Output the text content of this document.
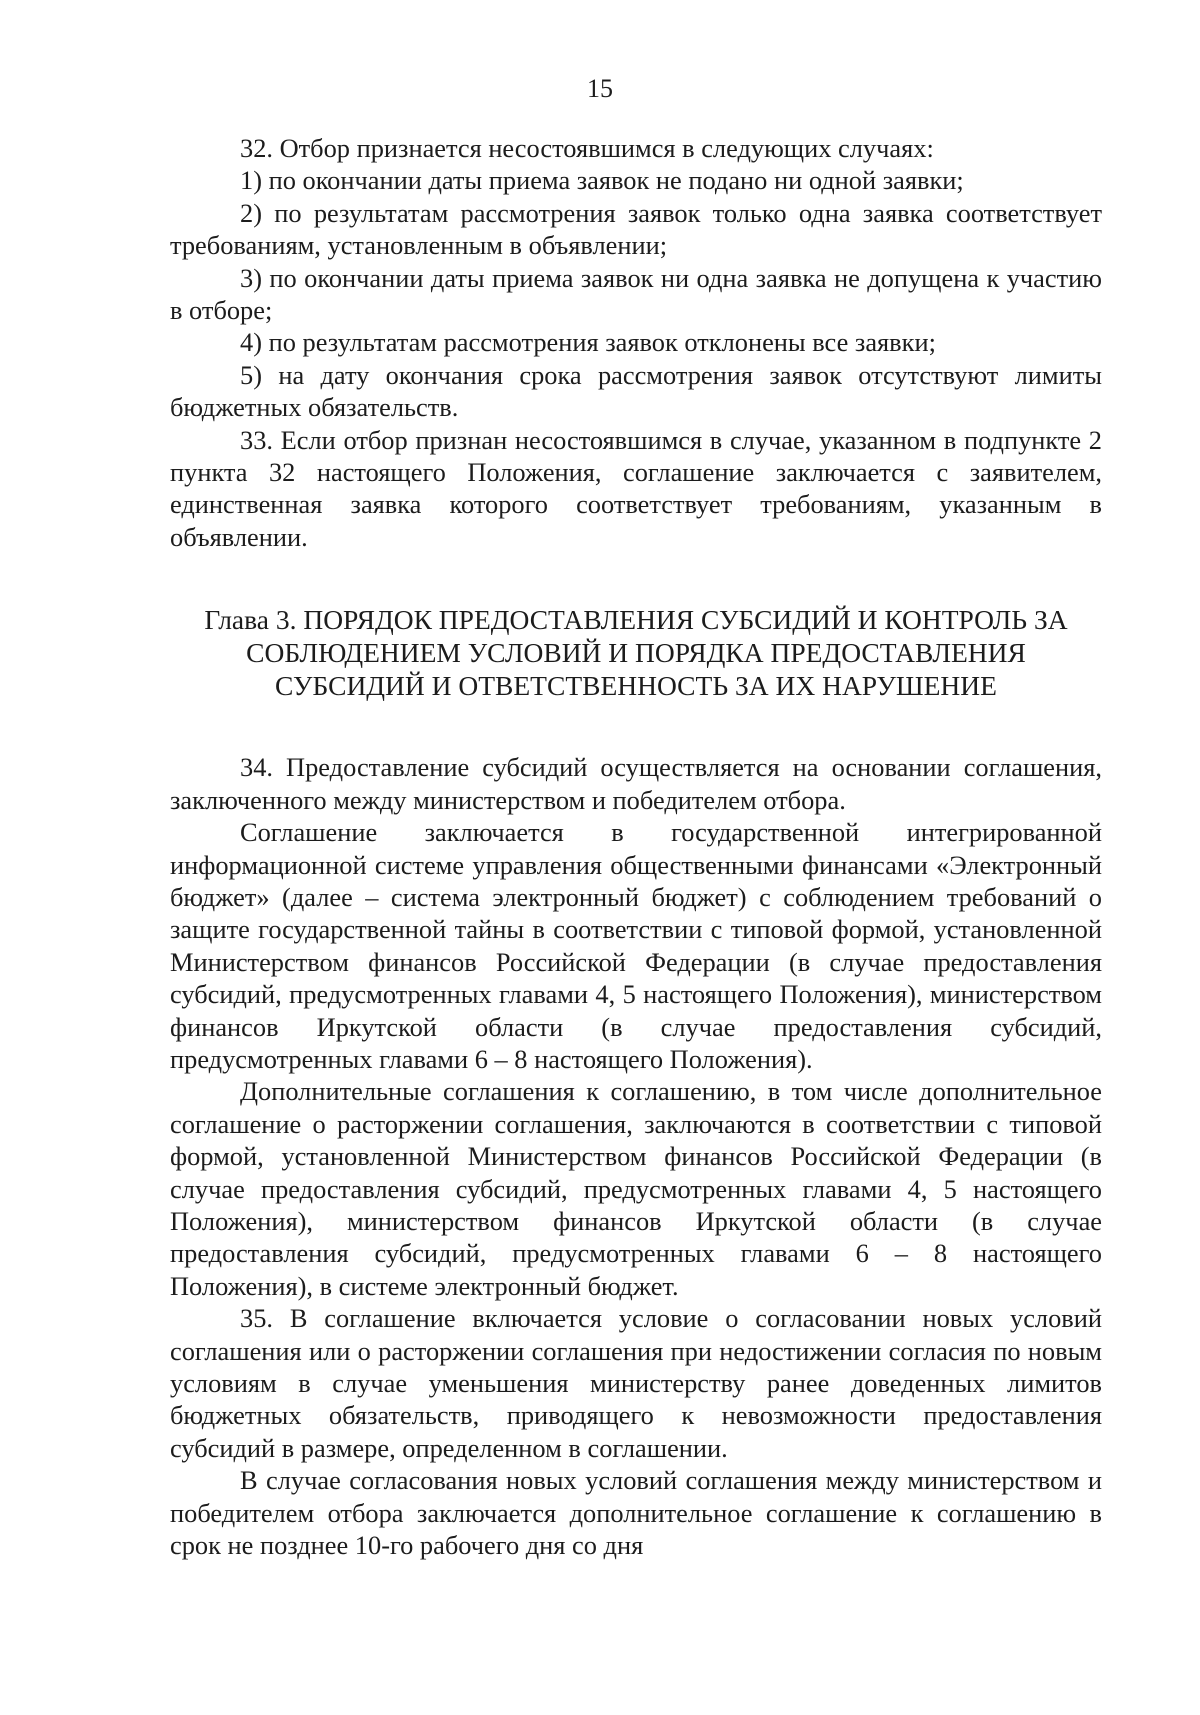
15

32. Отбор признается несостоявшимся в следующих случаях:

1) по окончании даты приема заявок не подано ни одной заявки;

2) по результатам рассмотрения заявок только одна заявка соответствует требованиям, установленным в объявлении;

3) по окончании даты приема заявок ни одна заявка не допущена к участию в отборе;

4) по результатам рассмотрения заявок отклонены все заявки;

5) на дату окончания срока рассмотрения заявок отсутствуют лимиты бюджетных обязательств.

33. Если отбор признан несостоявшимся в случае, указанном в подпункте 2 пункта 32 настоящего Положения, соглашение заключается с заявителем, единственная заявка которого соответствует требованиям, указанным в объявлении.

Глава 3. ПОРЯДОК ПРЕДОСТАВЛЕНИЯ СУБСИДИЙ И КОНТРОЛЬ ЗА
СОБЛЮДЕНИЕМ УСЛОВИЙ И ПОРЯДКА ПРЕДОСТАВЛЕНИЯ
СУБСИДИЙ И ОТВЕТСТВЕННОСТЬ ЗА ИХ НАРУШЕНИЕ

34. Предоставление субсидий осуществляется на основании соглашения, заключенного между министерством и победителем отбора.

Соглашение заключается в государственной интегрированной информационной системе управления общественными финансами «Электронный бюджет» (далее – система электронный бюджет) с соблюдением требований о защите государственной тайны в соответствии с типовой формой, установленной Министерством финансов Российской Федерации (в случае предоставления субсидий, предусмотренных главами 4, 5 настоящего Положения), министерством финансов Иркутской области (в случае предоставления субсидий, предусмотренных главами 6 – 8 настоящего Положения).

Дополнительные соглашения к соглашению, в том числе дополнительное соглашение о расторжении соглашения, заключаются в соответствии с типовой формой, установленной Министерством финансов Российской Федерации (в случае предоставления субсидий, предусмотренных главами 4, 5 настоящего Положения), министерством финансов Иркутской области (в случае предоставления субсидий, предусмотренных главами 6 – 8 настоящего Положения), в системе электронный бюджет.

35. В соглашение включается условие о согласовании новых условий соглашения или о расторжении соглашения при недостижении согласия по новым условиям в случае уменьшения министерству ранее доведенных лимитов бюджетных обязательств, приводящего к невозможности предоставления субсидий в размере, определенном в соглашении.

В случае согласования новых условий соглашения между министерством и победителем отбора заключается дополнительное соглашение к соглашению в срок не позднее 10-го рабочего дня со дня
